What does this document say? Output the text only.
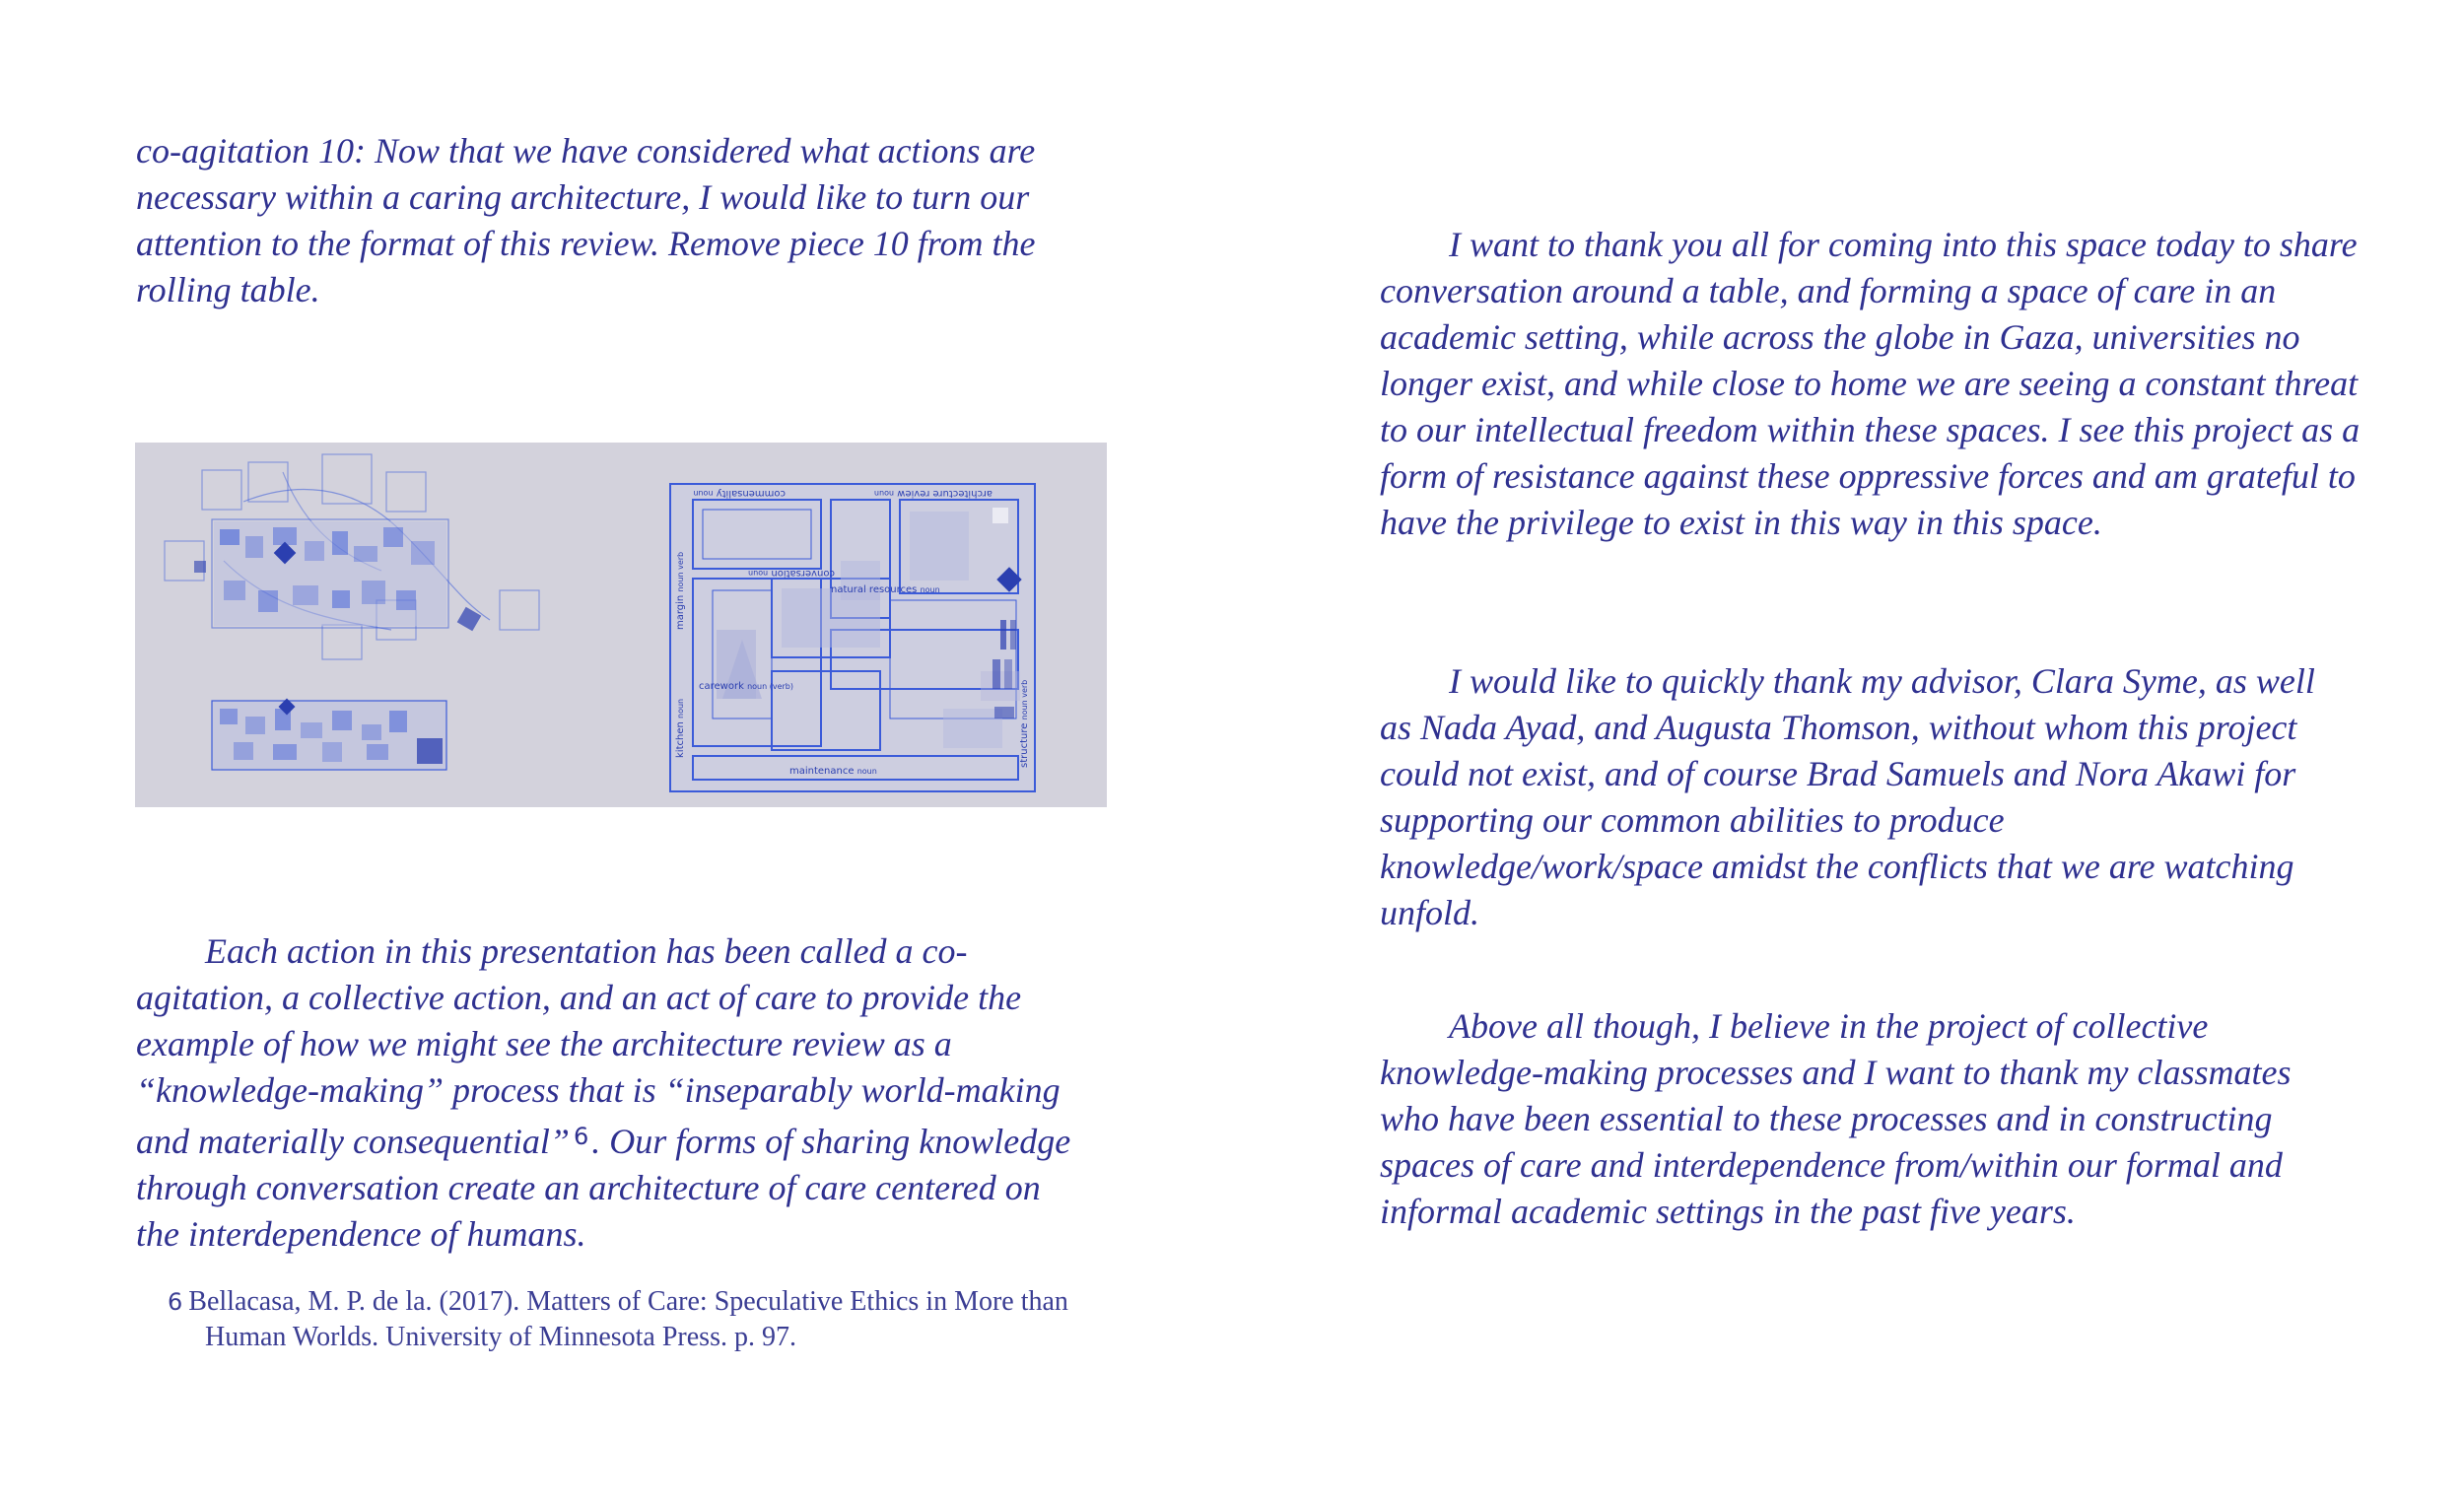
co-agitation 10: Now that we have considered what actions are necessary within a caring architecture, I would like to turn our attention to the format of this review. Remove piece 10 from the rolling table.

architecture review noun
commensality noun
conversation noun
natural resources noun
margin noun verb
carework noun (verb)
kitchen noun
maintenance noun
structure noun verb

Each action in this presentation has been called a co-agitation, a collective action, and an act of care to provide the example of how we might see the architecture review as a “knowledge-making” process that is “inseparably world-making and materially consequential” $^6$. Our forms of sharing knowledge through conversation create an architecture of care centered on the interdependence of humans.

6 Bellacasa, M. P. de la. (2017). Matters of Care: Speculative Ethics in More than Human Worlds. University of Minnesota Press. p. 97.

I want to thank you all for coming into this space today to share conversation around a table, and forming a space of care in an academic setting, while across the globe in Gaza, universities no longer exist, and while close to home we are seeing a constant threat to our intellectual freedom within these spaces. I see this project as a form of resistance against these oppressive forces and am grateful to have the privilege to exist in this way in this space.

I would like to quickly thank my advisor, Clara Syme, as well as Nada Ayad, and Augusta Thomson, without whom this project could not exist, and of course Brad Samuels and Nora Akawi for supporting our common abilities to produce knowledge/work/space amidst the conflicts that we are watching unfold.

Above all though, I believe in the project of collective knowledge-making processes and I want to thank my classmates who have been essential to these processes and in constructing spaces of care and interdependence from/within our formal and informal academic settings in the past five years.
